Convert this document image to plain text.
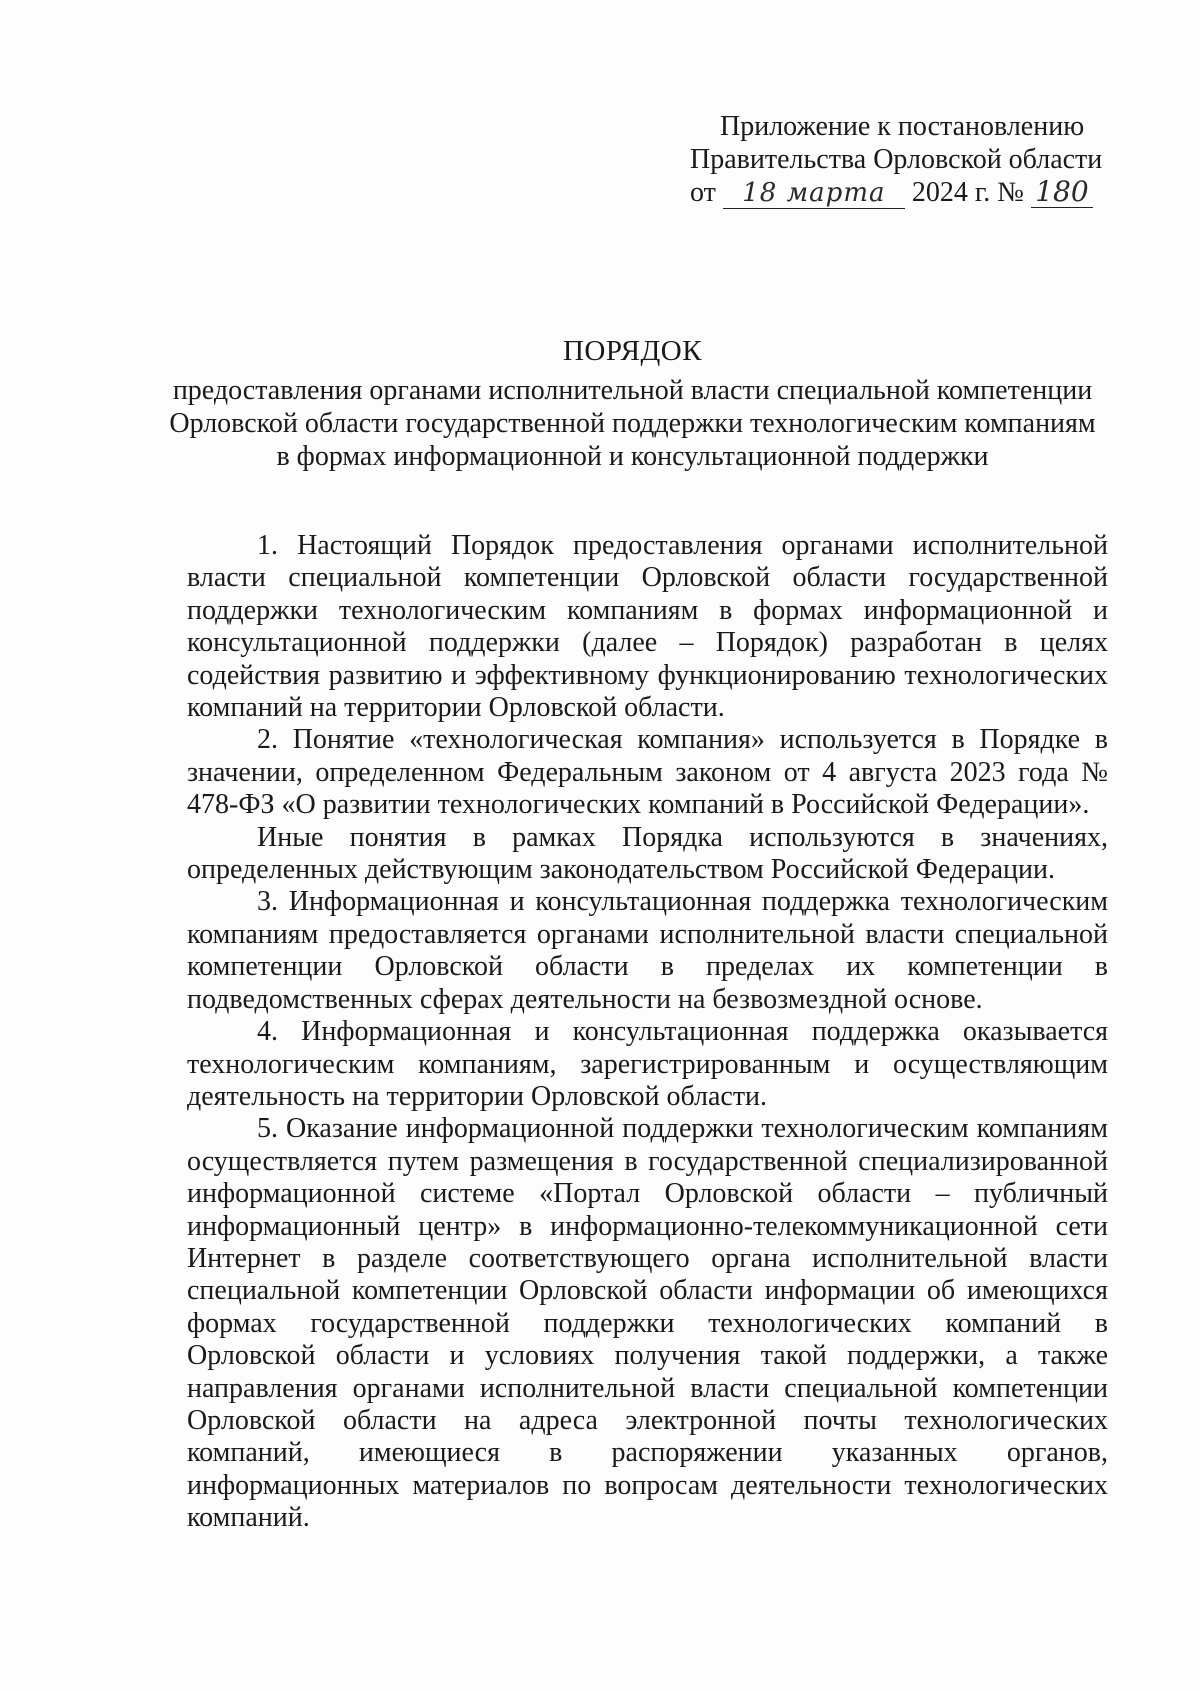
Приложение к постановлению
Правительства Орловской области
от 18 марта 2024 г. № 180
ПОРЯДОК
предоставления органами исполнительной власти специальной компетенции
Орловской области государственной поддержки технологическим компаниям
в формах информационной и консультационной поддержки

1. Настоящий Порядок предоставления органами исполнительной власти специальной компетенции Орловской области государственной поддержки технологическим компаниям в формах информационной и консультационной поддержки (далее – Порядок) разработан в целях содействия развитию и эффективному функционированию технологических компаний на территории Орловской области.

2. Понятие «технологическая компания» используется в Порядке в значении, определенном Федеральным законом от 4 августа 2023 года № 478-ФЗ «О развитии технологических компаний в Российской Федерации».

Иные понятия в рамках Порядка используются в значениях, определенных действующим законодательством Российской Федерации.

3. Информационная и консультационная поддержка технологическим компаниям предоставляется органами исполнительной власти специальной компетенции Орловской области в пределах их компетенции в подведомственных сферах деятельности на безвозмездной основе.

4. Информационная и консультационная поддержка оказывается технологическим компаниям, зарегистрированным и осуществляющим деятельность на территории Орловской области.

5. Оказание информационной поддержки технологическим компаниям осуществляется путем размещения в государственной специализированной информационной системе «Портал Орловской области – публичный информационный центр» в информационно-телекоммуникационной сети Интернет в разделе соответствующего органа исполнительной власти специальной компетенции Орловской области информации об имеющихся формах государственной поддержки технологических компаний в Орловской области и условиях получения такой поддержки, а также направления органами исполнительной власти специальной компетенции Орловской области на адреса электронной почты технологических компаний, имеющиеся в распоряжении указанных органов, информационных материалов по вопросам деятельности технологических компаний.
